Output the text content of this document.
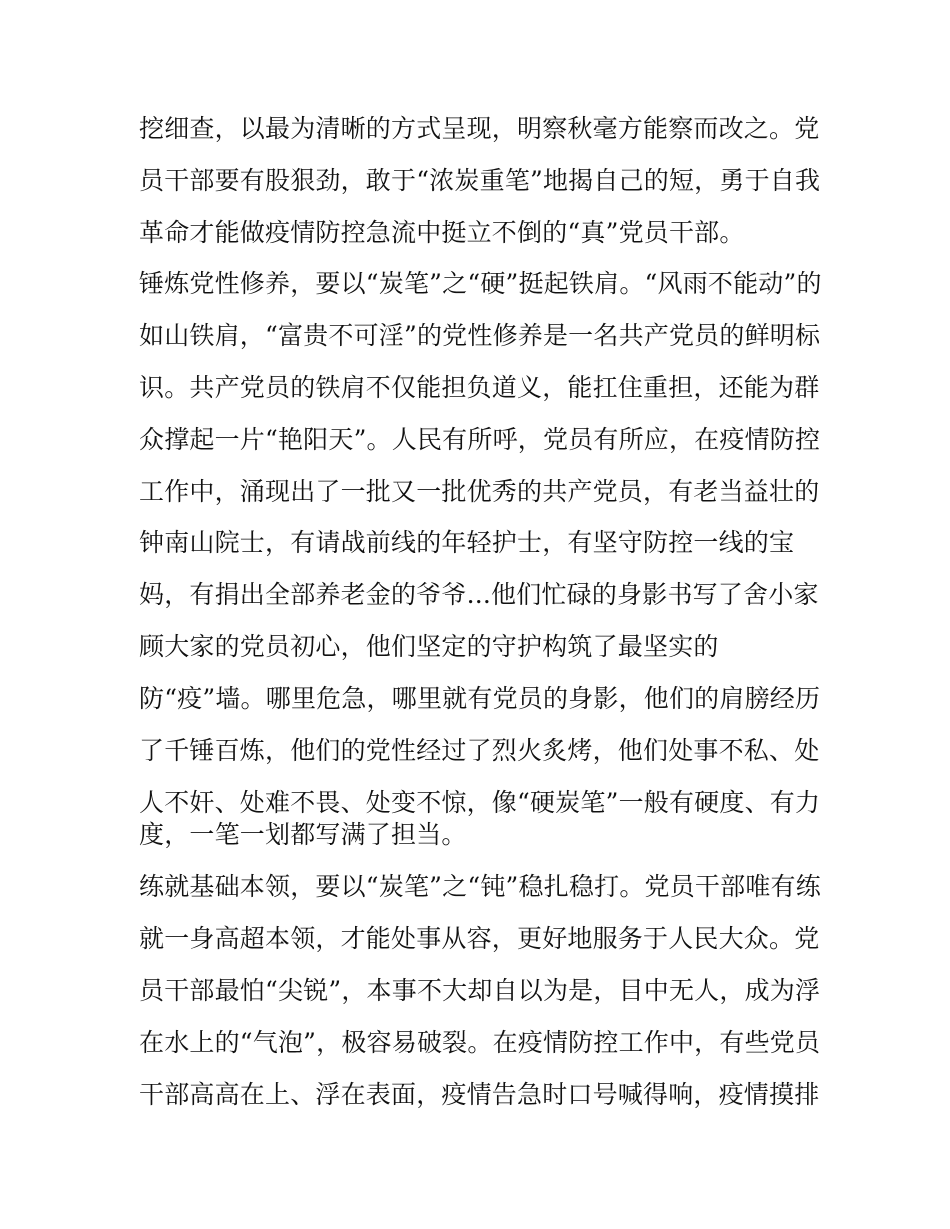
挖细查，以最为清晰的方式呈现，明察秋毫方能察而改之。党
员干部要有股狠劲，敢于“浓炭重笔”地揭自己的短，勇于自我
革命才能做疫情防控急流中挺立不倒的“真”党员干部。
锤炼党性修养，要以“炭笔”之“硬”挺起铁肩。“风雨不能动”的
如山铁肩，“富贵不可淫”的党性修养是一名共产党员的鲜明标
识。共产党员的铁肩不仅能担负道义，能扛住重担，还能为群
众撑起一片“艳阳天”。人民有所呼，党员有所应，在疫情防控
工作中，涌现出了一批又一批优秀的共产党员，有老当益壮的
钟南山院士，有请战前线的年轻护士，有坚守防控一线的宝
妈，有捐出全部养老金的爷爷...他们忙碌的身影书写了舍小家
顾大家的党员初心，他们坚定的守护构筑了最坚实的
防“疫”墙。哪里危急，哪里就有党员的身影，他们的肩膀经历
了千锤百炼，他们的党性经过了烈火炙烤，他们处事不私、处
人不奸、处难不畏、处变不惊，像“硬炭笔”一般有硬度、有力
度，一笔一划都写满了担当。
练就基础本领，要以“炭笔”之“钝”稳扎稳打。党员干部唯有练
就一身高超本领，才能处事从容，更好地服务于人民大众。党
员干部最怕“尖锐”，本事不大却自以为是，目中无人，成为浮
在水上的“气泡”，极容易破裂。在疫情防控工作中，有些党员
干部高高在上、浮在表面，疫情告急时口号喊得响，疫情摸排
